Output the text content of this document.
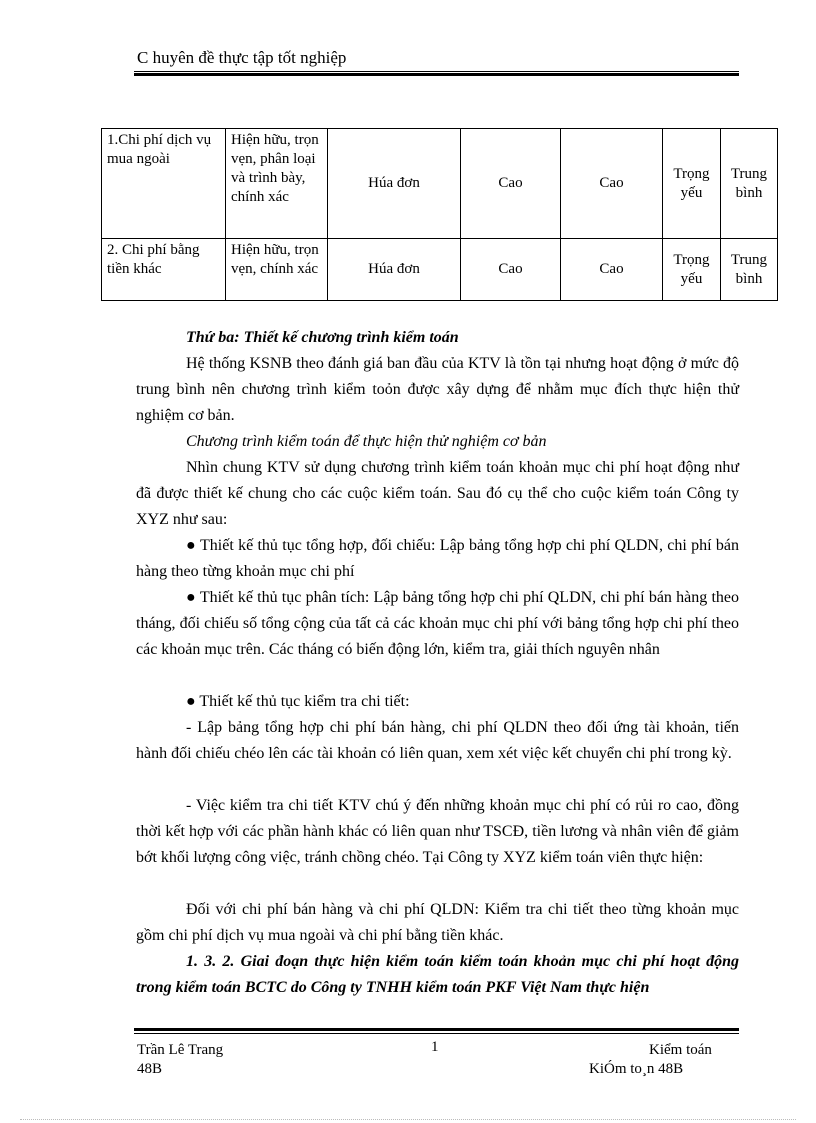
C huyên đề thực tập tốt nghiệp
1.Chi phí dịch vụ mua ngoài	Hiện hữu, trọn vẹn, phân loại và trình bày, chính xác	Húa đơn	Cao	Cao	Trọng yếu	Trung bình
2. Chi phí bằng tiền khác	Hiện hữu, trọn vẹn, chính xác	Húa đơn	Cao	Cao	Trọng yếu	Trung bình
Thứ ba: Thiết kế chương trình kiểm toán
Hệ thống KSNB theo đánh giá ban đầu của KTV là tồn tại nhưng hoạt động ở mức độ trung bình nên chương trình kiểm toỏn được xây dựng để nhằm mục đích thực hiện thử nghiệm cơ bản.
Chương trình kiểm toán để thực hiện thử nghiệm cơ bản
Nhìn chung KTV sử dụng chương trình kiểm toán khoản mục chi phí hoạt động như đã được thiết kế chung cho các cuộc kiểm toán. Sau đó cụ thể cho cuộc kiểm toán Công ty XYZ như sau:
● Thiết kế thủ tục tổng hợp, đối chiếu: Lập bảng tổng hợp chi phí QLDN, chi phí bán hàng theo từng khoản mục chi phí
● Thiết kế thủ tục phân tích: Lập bảng tổng hợp chi phí QLDN, chi phí bán hàng theo tháng, đối chiếu số tổng cộng của tất cả các khoản mục chi phí với bảng tổng hợp chi phí theo các khoản mục trên. Các tháng có biến động lớn, kiểm tra, giải thích nguyên nhân
● Thiết kế thủ tục kiểm tra chi tiết:
- Lập bảng tổng hợp chi phí bán hàng, chi phí QLDN theo đối ứng tài khoản, tiến hành đối chiếu chéo lên các tài khoản có liên quan, xem xét việc kết chuyển chi phí trong kỳ.
- Việc kiểm tra chi tiết KTV chú ý đến những khoản mục chi phí có rủi ro cao, đồng thời kết hợp với các phần hành khác có liên quan như TSCĐ, tiền lương và nhân viên để giảm bớt khối lượng công việc, tránh chồng chéo. Tại Công ty XYZ kiểm toán viên thực hiện:
Đối với chi phí bán hàng và chi phí QLDN: Kiểm tra chi tiết theo từng khoản mục gồm chi phí dịch vụ mua ngoài và chi phí bằng tiền khác.
1. 3. 2. Giai đoạn thực hiện kiểm toán kiểm toán khoản mục chi phí hoạt động trong kiểm toán BCTC do Công ty TNHH kiểm toán PKF Việt Nam thực hiện
Trần Lê Trang
48B
1	Kiểm toán
KiÓm to¸n 48B
